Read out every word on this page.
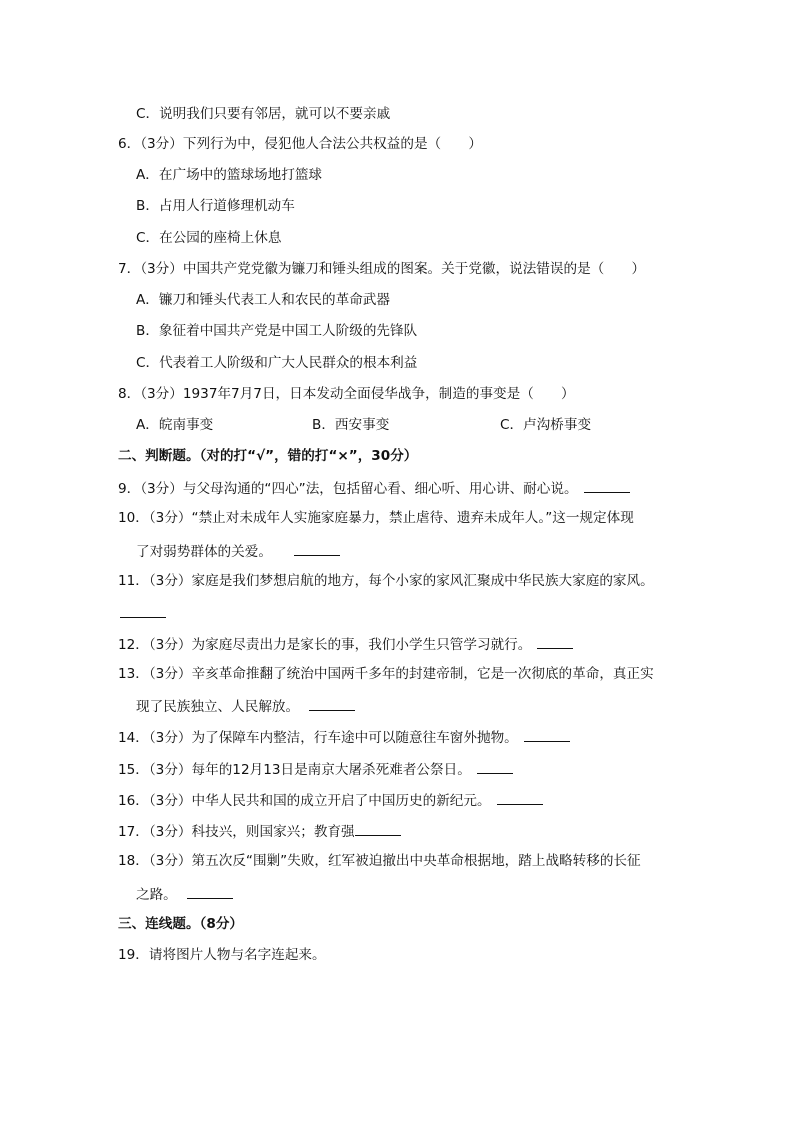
C．说明我们只要有邻居，就可以不要亲戚
6．（3分）下列行为中，侵犯他人合法公共权益的是（　　）
A．在广场中的篮球场地打篮球
B．占用人行道修理机动车
C．在公园的座椅上休息
7．（3分）中国共产党党徽为镰刀和锤头组成的图案。关于党徽，说法错误的是（　　）
A．镰刀和锤头代表工人和农民的革命武器
B．象征着中国共产党是中国工人阶级的先锋队
C．代表着工人阶级和广大人民群众的根本利益
8．（3分）1937年7月7日，日本发动全面侵华战争，制造的事变是（　　）
A．皖南事变	B．西安事变	C．卢沟桥事变
二、判断题。（对的打“√”，错的打“×”，30分）
9．（3分）与父母沟通的“四心”法，包括留心看、细心听、用心讲、耐心说。
10．（3分）“禁止对未成年人实施家庭暴力，禁止虐待、遗弃未成年人。”这一规定体现
了对弱势群体的关爱。
11．（3分）家庭是我们梦想启航的地方，每个小家的家风汇聚成中华民族大家庭的家风。
12．（3分）为家庭尽责出力是家长的事，我们小学生只管学习就行。
13．（3分）辛亥革命推翻了统治中国两千多年的封建帝制，它是一次彻底的革命，真正实
现了民族独立、人民解放。
14．（3分）为了保障车内整洁，行车途中可以随意往车窗外抛物。
15．（3分）每年的12月13日是南京大屠杀死难者公祭日。
16．（3分）中华人民共和国的成立开启了中国历史的新纪元。
17．（3分）科技兴，则国家兴；教育强
18．（3分）第五次反“围剿”失败，红军被迫撤出中央革命根据地，踏上战略转移的长征
之路。
三、连线题。（8分）
19．请将图片人物与名字连起来。
